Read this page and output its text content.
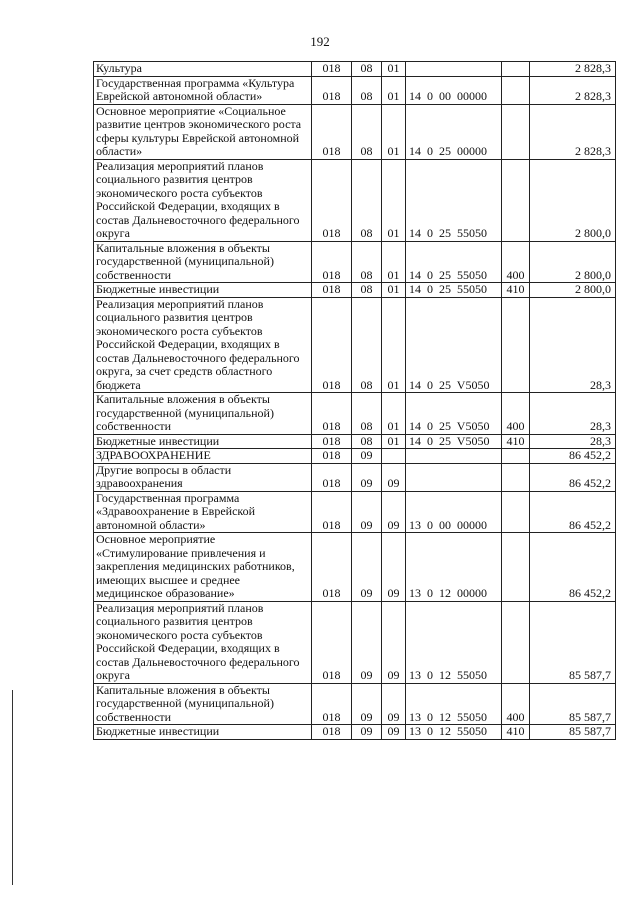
192
Культура	018	08	01			2 828,3
Государственная программа «Культура Еврейской автономной области»	018	08	01	14 0 00 00000		2 828,3
Основное мероприятие «Социальное развитие центров экономического роста сферы культуры Еврейской автономной области»	018	08	01	14 0 25 00000		2 828,3
Реализация мероприятий планов социального развития центров экономического роста субъектов Российской Федерации, входящих в состав Дальневосточного федерального округа	018	08	01	14 0 25 55050		2 800,0
Капитальные вложения в объекты государственной (муниципальной) собственности	018	08	01	14 0 25 55050	400	2 800,0
Бюджетные инвестиции	018	08	01	14 0 25 55050	410	2 800,0
Реализация мероприятий планов социального развития центров экономического роста субъектов Российской Федерации, входящих в состав Дальневосточного федерального округа, за счет средств областного бюджета	018	08	01	14 0 25 V5050		28,3
Капитальные вложения в объекты государственной (муниципальной) собственности	018	08	01	14 0 25 V5050	400	28,3
Бюджетные инвестиции	018	08	01	14 0 25 V5050	410	28,3
ЗДРАВООХРАНЕНИЕ	018	09				86 452,2
Другие вопросы в области здравоохранения	018	09	09			86 452,2
Государственная программа «Здравоохранение в Еврейской автономной области»	018	09	09	13 0 00 00000		86 452,2
Основное мероприятие «Стимулирование привлечения и закрепления медицинских работников, имеющих высшее и среднее медицинское образование»	018	09	09	13 0 12 00000		86 452,2
Реализация мероприятий планов социального развития центров экономического роста субъектов Российской Федерации, входящих в состав Дальневосточного федерального округа	018	09	09	13 0 12 55050		85 587,7
Капитальные вложения в объекты государственной (муниципальной) собственности	018	09	09	13 0 12 55050	400	85 587,7
Бюджетные инвестиции	018	09	09	13 0 12 55050	410	85 587,7
